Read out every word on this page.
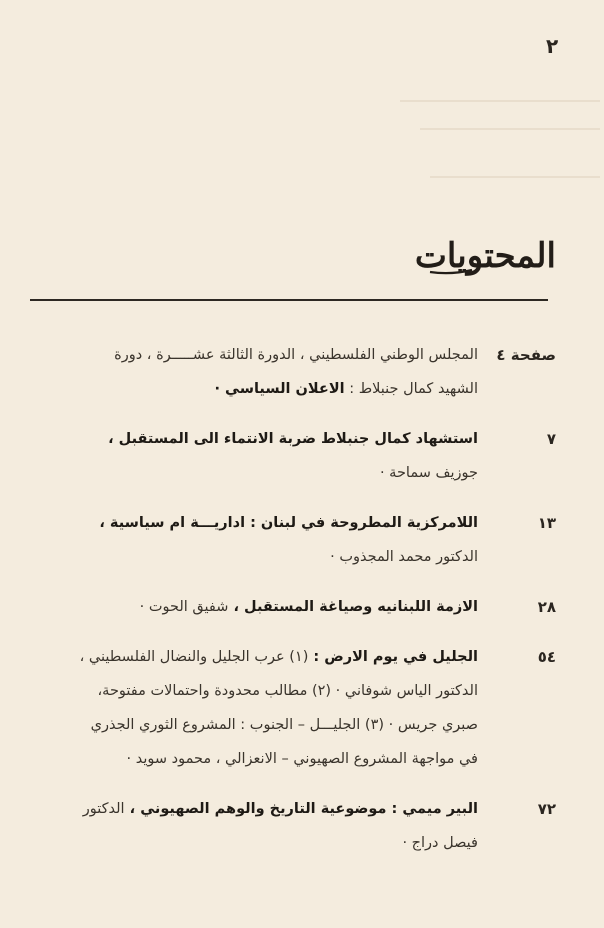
٢
المحتويات
صفحة ٤
المجلس الوطني الفلسطيني ، الدورة الثالثة عشـــــرة ، دورة الشهيد كمال جنبلاط : الاعلان السياسي ·
٧
استشهاد كمال جنبلاط ضربة الانتماء الى المستقبل ، جوزيف سماحة ·
١٣
اللامركزية المطروحة في لبنان : اداريـــة ام سياسية ، الدكتور محمد المجذوب ·
٢٨
الازمة اللبنانيه وصياغة المستقبل ، شفيق الحوت ·
٥٤
الجليل في يوم الارض : (١) عرب الجليل والنضال الفلسطيني ، الدكتور الياس شوفاني · (٢) مطالب محدودة واحتمالات مفتوحة، صبري جريس · (٣) الجليـــل – الجنوب : المشروع الثوري الجذري في مواجهة المشروع الصهيوني – الانعزالي ، محمود سويد ·
٧٢
البير ميمي : موضوعية التاريخ والوهم الصهيوني ، الدكتور فيصل دراج ·
